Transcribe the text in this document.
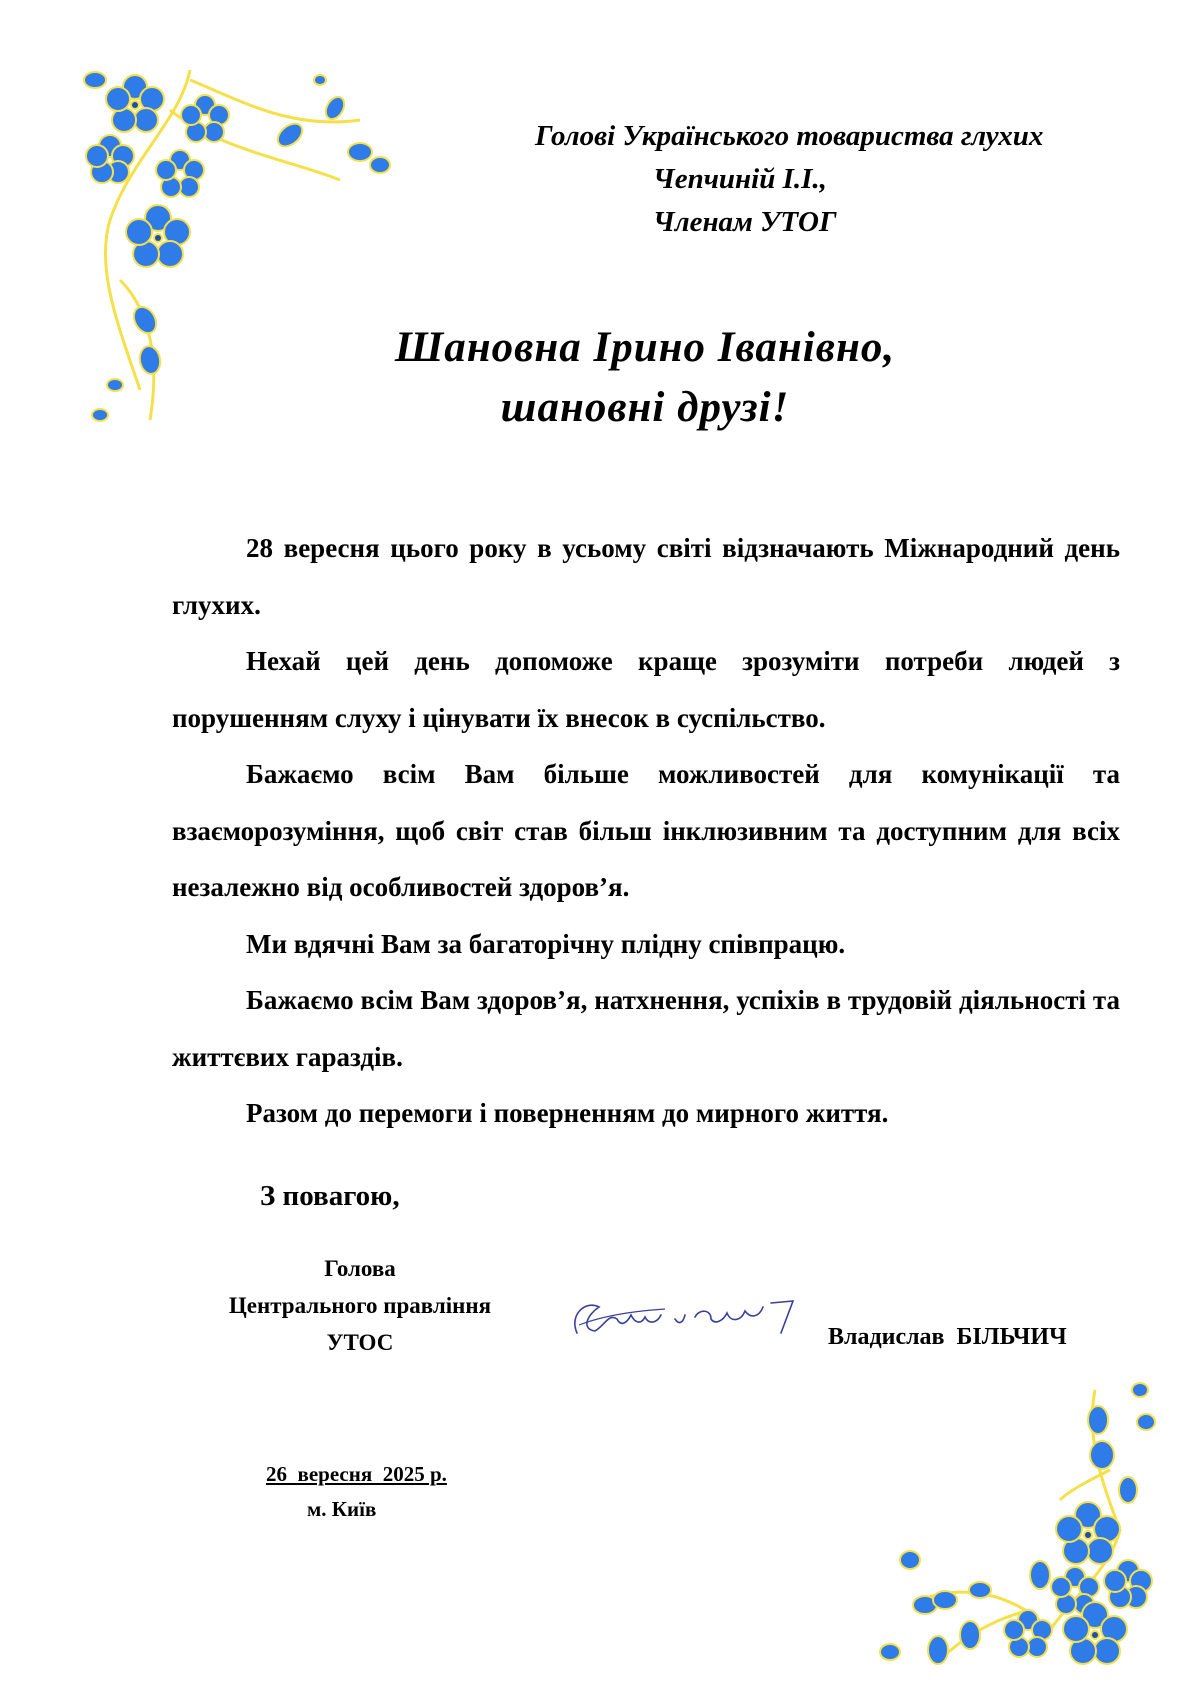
Голові Українського товариства глухих
Чепчиній І.І.,
Членам УТОГ
Шановна Ірино Іванівно,
шановні друзі!

28 вересня цього року в усьому світі відзначають Міжнародний день глухих.

Нехай цей день допоможе краще зрозуміти потреби людей з порушенням слуху і цінувати їх внесок в суспільство.

Бажаємо всім Вам більше можливостей для комунікації та взаєморозуміння, щоб світ став більш інклюзивним та доступним для всіх незалежно від особливостей здоров’я.

Ми вдячні Вам за багаторічну плідну співпрацю.

Бажаємо всім Вам здоров’я, натхнення, успіхів в трудовій діяльності та життєвих гараздів.

Разом до перемоги і поверненням до мирного життя.

З повагою,
Голова
Центрального правління
УТОС	Владислав  БІЛЬЧИЧ
26  вересня  2025 р.
м. Київ
